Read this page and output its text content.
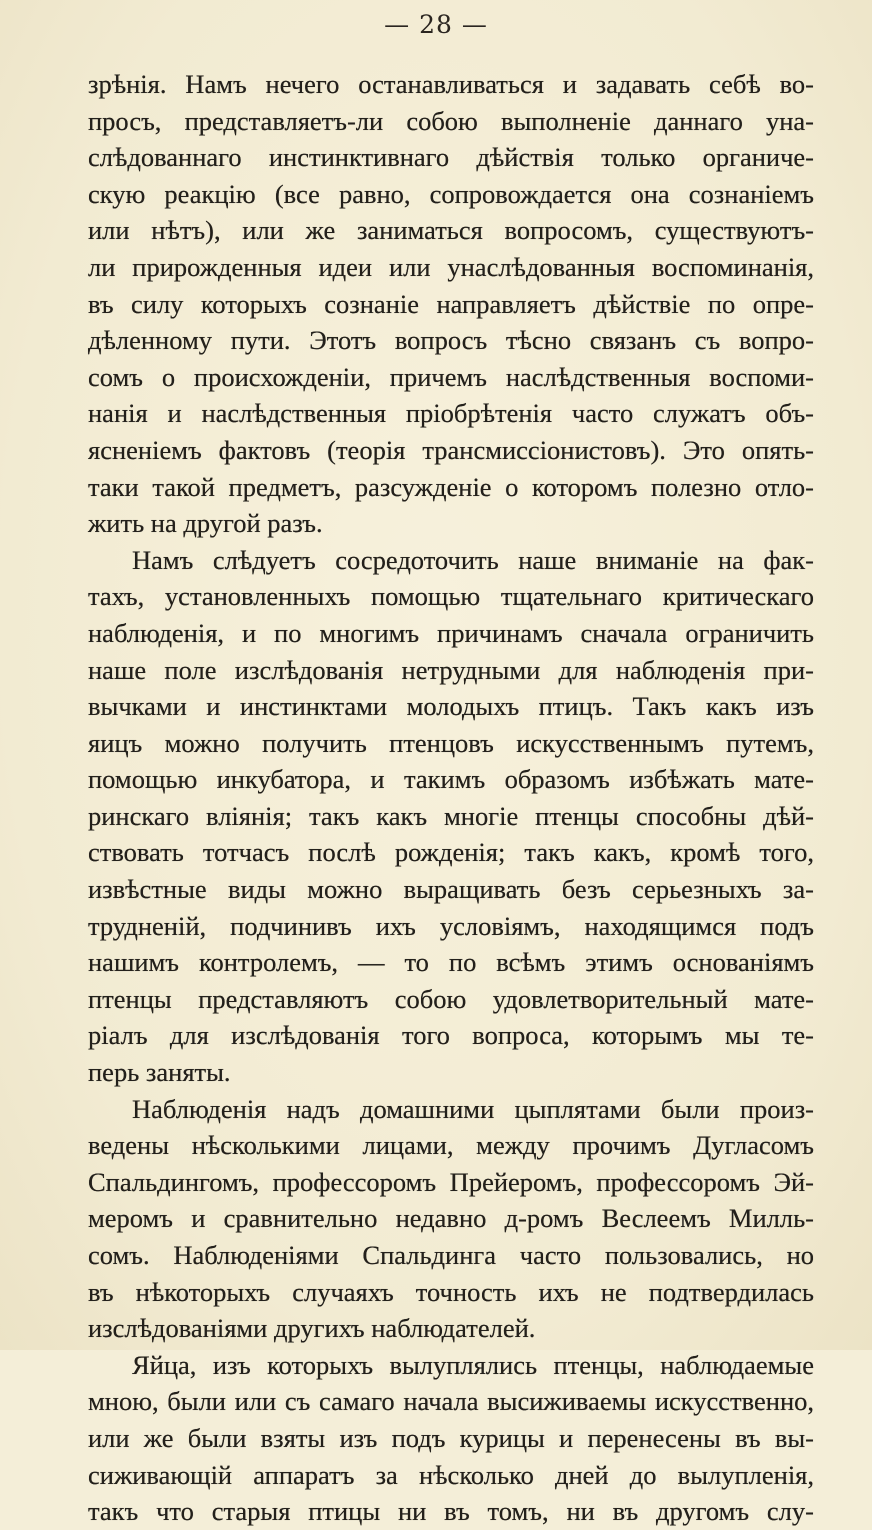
— 28 —

зрѣнія. Намъ нечего останавливаться и задавать себѣ во-
просъ, представляетъ-ли собою выполненіе даннаго уна-
слѣдованнаго инстинктивнаго дѣйствія только органиче-
скую реакцію (все равно, сопровождается она сознаніемъ
или нѣтъ), или же заниматься вопросомъ, существуютъ-
ли прирожденныя идеи или унаслѣдованныя воспоминанія,
въ силу которыхъ сознаніе направляетъ дѣйствіе по опре-
дѣленному пути. Этотъ вопросъ тѣсно связанъ съ вопро-
сомъ о происхожденіи, причемъ наслѣдственныя воспоми-
нанія и наслѣдственныя пріобрѣтенія часто служатъ объ-
ясненіемъ фактовъ (теорія трансмиссіонистовъ). Это опять-
таки такой предметъ, разсужденіе о которомъ полезно отло-
жить на другой разъ.

Намъ слѣдуетъ сосредоточить наше вниманіе на фак-
тахъ, установленныхъ помощью тщательнаго критическаго
наблюденія, и по многимъ причинамъ сначала ограничить
наше поле изслѣдованія нетрудными для наблюденія при-
вычками и инстинктами молодыхъ птицъ. Такъ какъ изъ
яицъ можно получить птенцовъ искусственнымъ путемъ,
помощью инкубатора, и такимъ образомъ избѣжать мате-
ринскаго вліянія; такъ какъ многіе птенцы способны дѣй-
ствовать тотчасъ послѣ рожденія; такъ какъ, кромѣ того,
извѣстные виды можно выращивать безъ серьезныхъ за-
трудненій, подчинивъ ихъ условіямъ, находящимся подъ
нашимъ контролемъ, — то по всѣмъ этимъ основаніямъ
птенцы представляютъ собою удовлетворительный мате-
ріалъ для изслѣдованія того вопроса, которымъ мы те-
перь заняты.

Наблюденія надъ домашними цыплятами были произ-
ведены нѣсколькими лицами, между прочимъ Дугласомъ
Спальдингомъ, профессоромъ Прейеромъ, профессоромъ Эй-
меромъ и сравнительно недавно д-ромъ Веслеемъ Милль-
сомъ. Наблюденіями Спальдинга часто пользовались, но
въ нѣкоторыхъ случаяхъ точность ихъ не подтвердилась
изслѣдованіями другихъ наблюдателей.

Яйца, изъ которыхъ вылуплялись птенцы, наблюдаемые
мною, были или съ самаго начала высиживаемы искусственно,
или же были взяты изъ подъ курицы и перенесены въ вы-
сиживающій аппаратъ за нѣсколько дней до вылупленія,
такъ что старыя птицы ни въ томъ, ни въ другомъ слу-
